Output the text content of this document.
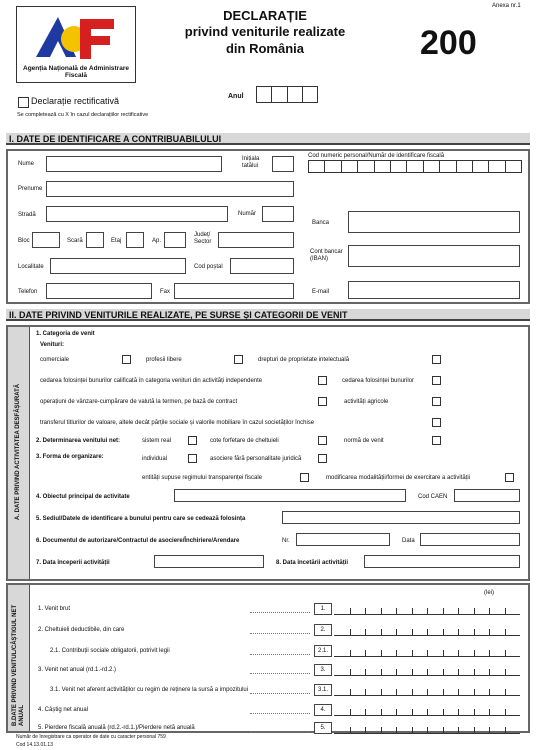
Anexa nr.1
Agenția Națională de Administrare Fiscală
DECLARAȚIE
privind veniturile realizate
din România	200
Anul
Declarație rectificativă
Se completează cu X în cazul declarațiilor rectificative
I. DATE DE IDENTIFICARE A CONTRIBUABILULUI
Nume
Inițiala tatălui
Cod numeric personal/Număr de identificare fiscală
Prenume
Stradă	Număr
Banca
Bloc	Scară	Etaj	Ap.
Județ/ Sector
Localitate	Cod poștal
Cont bancar (IBAN)
Telefon	Fax	E-mail
II. DATE PRIVIND VENITURILE REALIZATE, PE SURSE ȘI CATEGORII DE VENIT
A. DATE PRIVIND ACTIVITATEA DESFĂȘURATĂ
1. Categoria de venit
Venituri:
comerciale	profesii libere	drepturi de proprietate intelectuală
cedarea folosinței bunurilor calificată în categoria venituri din activități independente	cedarea folosinței bunurilor
operațiuni de vânzare-cumpărare de valută la termen, pe bază de contract	activități agricole
transferul titlurilor de valoare, altele decât părțile sociale și valorile mobiliare în cazul societăților închise
2. Determinarea venitului net:	sistem real	cote forfetare de cheltuieli	normă de venit
3. Forma de organizare:	individual	asociere fără personalitate juridică
entități supuse regimului transparenței fiscale	modificarea modalității/formei de exercitare a activității
4. Obiectul principal de activitate	Cod CAEN
5. Sediul/Datele de identificare a bunului pentru care se cedează folosința
6. Documentul de autorizare/Contractul de asociere/Închiriere/Arendare	Nr.	Data
7. Data începerii activității	8. Data încetării activității
B.DATE PRIVIND VENITUL/CÂȘTIGUL NET ANUAL
(lei)
1. Venit brut	1.
2. Cheltuieli deductibile, din care	2.
2.1. Contribuții sociale obligatorii, potrivit legii	2.1.
3. Venit net anual (rd.1.-rd.2.)	3.
3.1. Venit net aferent activităților cu regim de reținere la sursă a impozitului	3.1.
4. Câștig net anual	4.
5. Pierdere fiscală anuală (rd.2.-rd.1.)/Pierdere netă anuală	5.
Număr de înregistrare ca operator de date cu caracter personal 759
Cod 14.13.01.13
